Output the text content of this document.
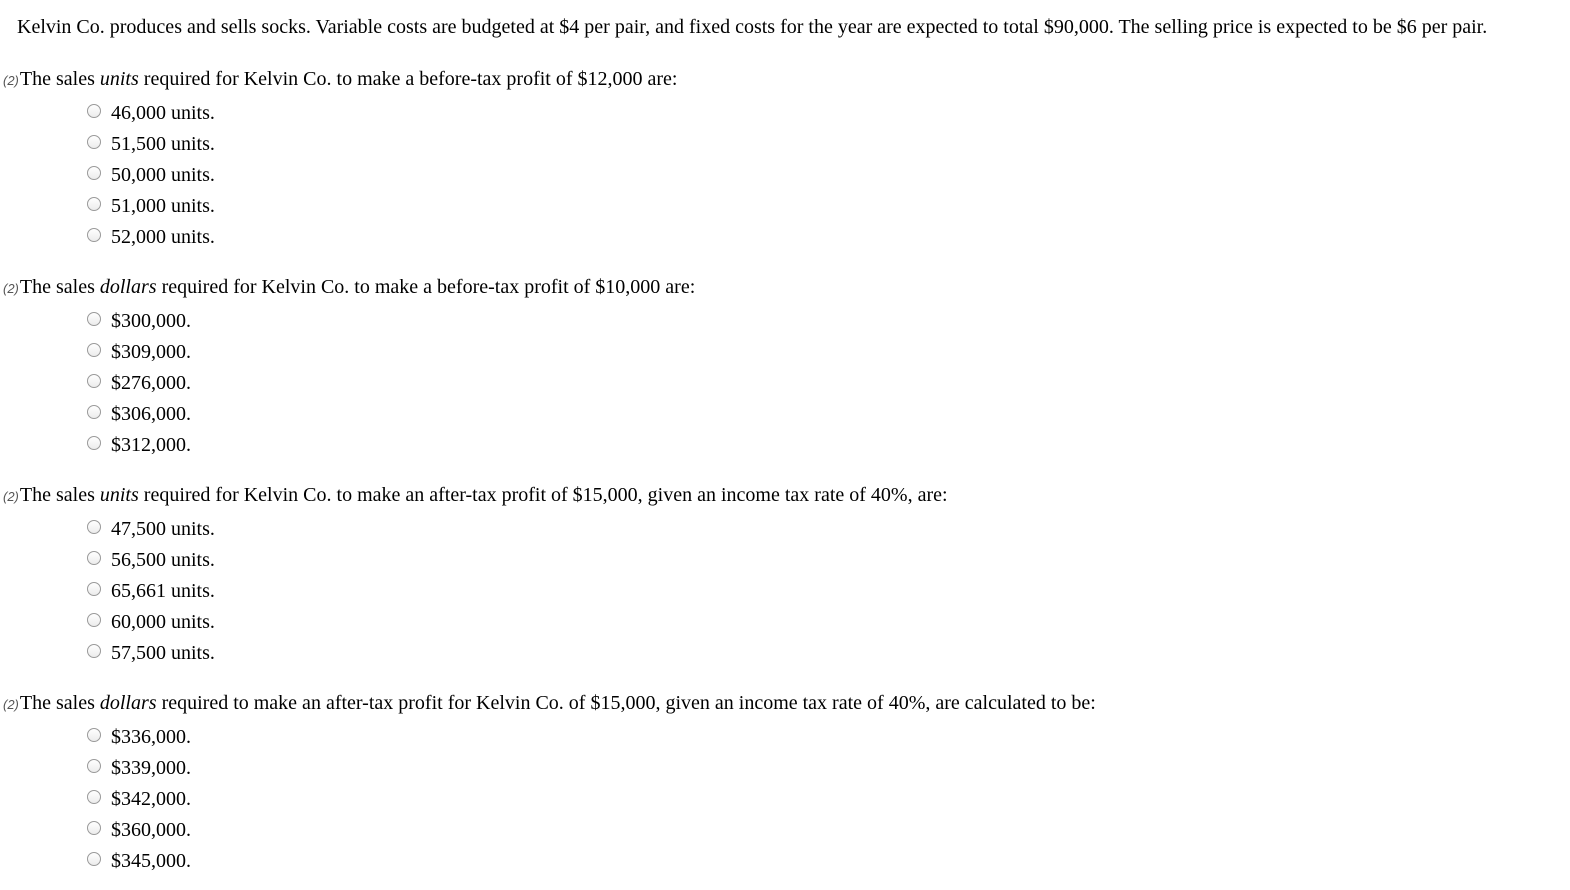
Kelvin Co. produces and sells socks. Variable costs are budgeted at $4 per pair, and fixed costs for the year are expected to total $90,000. The selling price is expected to be $6 per pair.

(2)The sales units required for Kelvin Co. to make a before-tax profit of $12,000 are:
46,000 units.
51,500 units.
50,000 units.
51,000 units.
52,000 units.
(2)The sales dollars required for Kelvin Co. to make a before-tax profit of $10,000 are:
$300,000.
$309,000.
$276,000.
$306,000.
$312,000.
(2)The sales units required for Kelvin Co. to make an after-tax profit of $15,000, given an income tax rate of 40%, are:
47,500 units.
56,500 units.
65,661 units.
60,000 units.
57,500 units.
(2)The sales dollars required to make an after-tax profit for Kelvin Co. of $15,000, given an income tax rate of 40%, are calculated to be:
$336,000.
$339,000.
$342,000.
$360,000.
$345,000.
